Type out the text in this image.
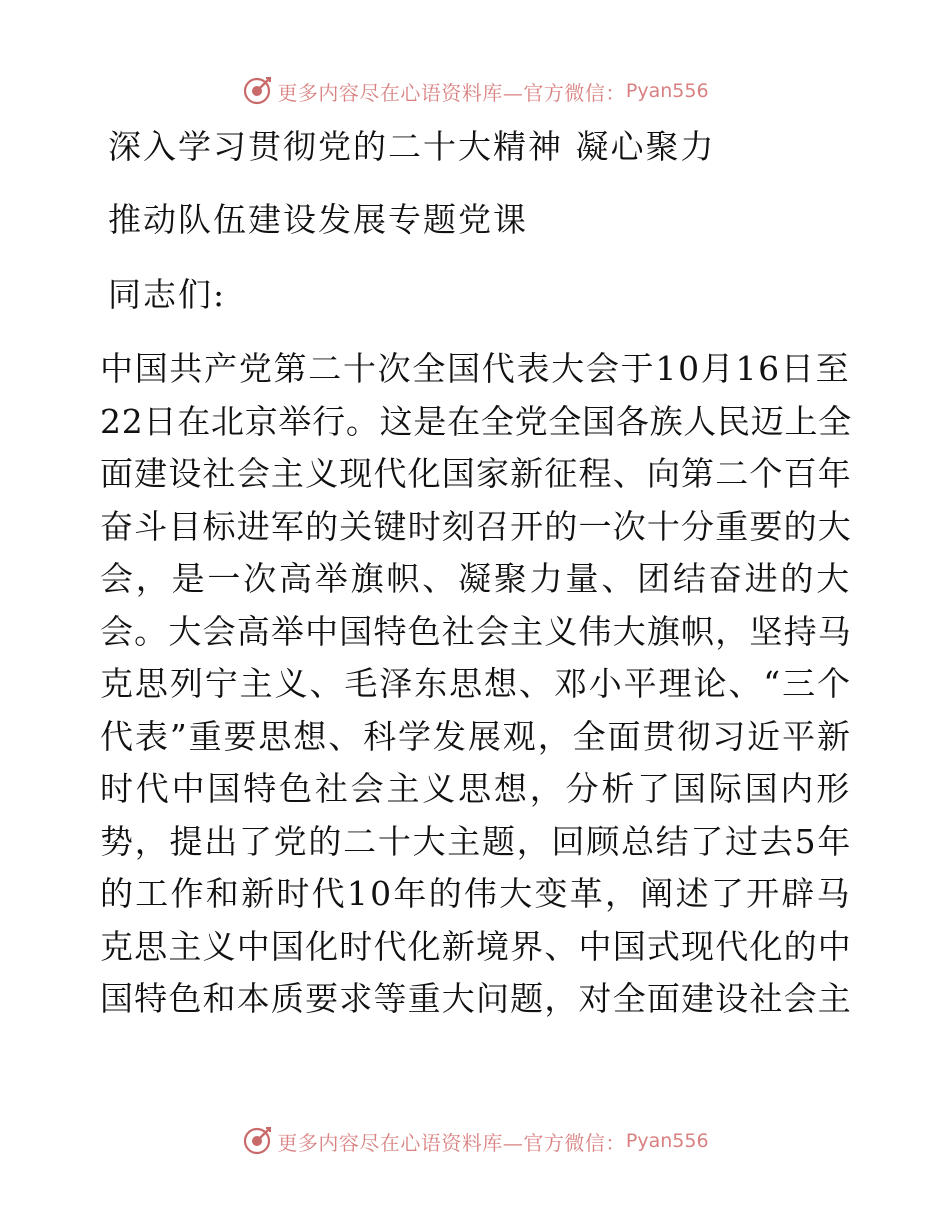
更多内容尽在心语资料库—官方微信： Pyan556
深入学习贯彻党的二十大精神 凝心聚力
推动队伍建设发展专题党课
同志们:
中国共产党第二十次全国代表大会于10月16日至
22日在北京举行。这是在全党全国各族人民迈上全
面建设社会主义现代化国家新征程、向第二个百年
奋斗目标进军的关键时刻召开的一次十分重要的大
会，是一次高举旗帜、凝聚力量、团结奋进的大
会。大会高举中国特色社会主义伟大旗帜，坚持马
克思列宁主义、毛泽东思想、邓小平理论、“三个
代表”重要思想、科学发展观，全面贯彻习近平新
时代中国特色社会主义思想，分析了国际国内形
势，提出了党的二十大主题，回顾总结了过去5年
的工作和新时代10年的伟大变革，阐述了开辟马
克思主义中国化时代化新境界、中国式现代化的中
国特色和本质要求等重大问题，对全面建设社会主
更多内容尽在心语资料库—官方微信： Pyan556
